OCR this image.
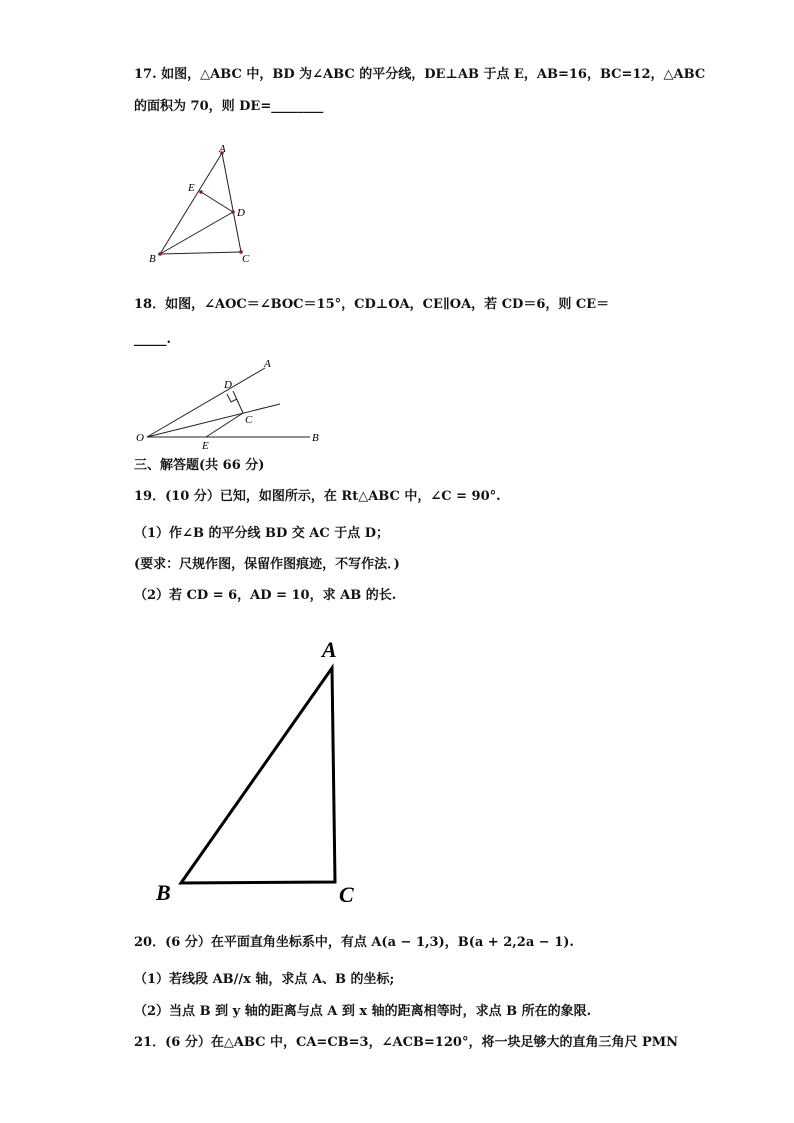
17. 如图，△ABC 中，BD 为∠ABC 的平分线，DE⊥AB 于点 E，AB=16，BC=12，△ABC
的面积为 70，则 DE=________
A
E
D
B	C
18．如图，∠AOC＝∠BOC＝15°，CD⊥OA，CE∥OA，若 CD＝6，则 CE＝
_____.
A
D
C
O
E
B
三、解答题(共 66 分)
19．(10 分）已知，如图所示，在 Rt△ABC 中，∠C = 90°.
（1）作∠B 的平分线 BD 交 AC 于点 D；
(要求：尺规作图，保留作图痕迹，不写作法．)
（2）若 CD = 6，AD = 10，求 AB 的长.
A
B	C
20．(6 分）在平面直角坐标系中，有点 A(a − 1,3)，B(a + 2,2a − 1).
（1）若线段 AB//x 轴，求点 A、B 的坐标;
（2）当点 B 到 y 轴的距离与点 A 到 x 轴的距离相等时，求点 B 所在的象限.
21．(6 分）在△ABC 中，CA=CB=3，∠ACB=120°，将一块足够大的直角三角尺 PMN
